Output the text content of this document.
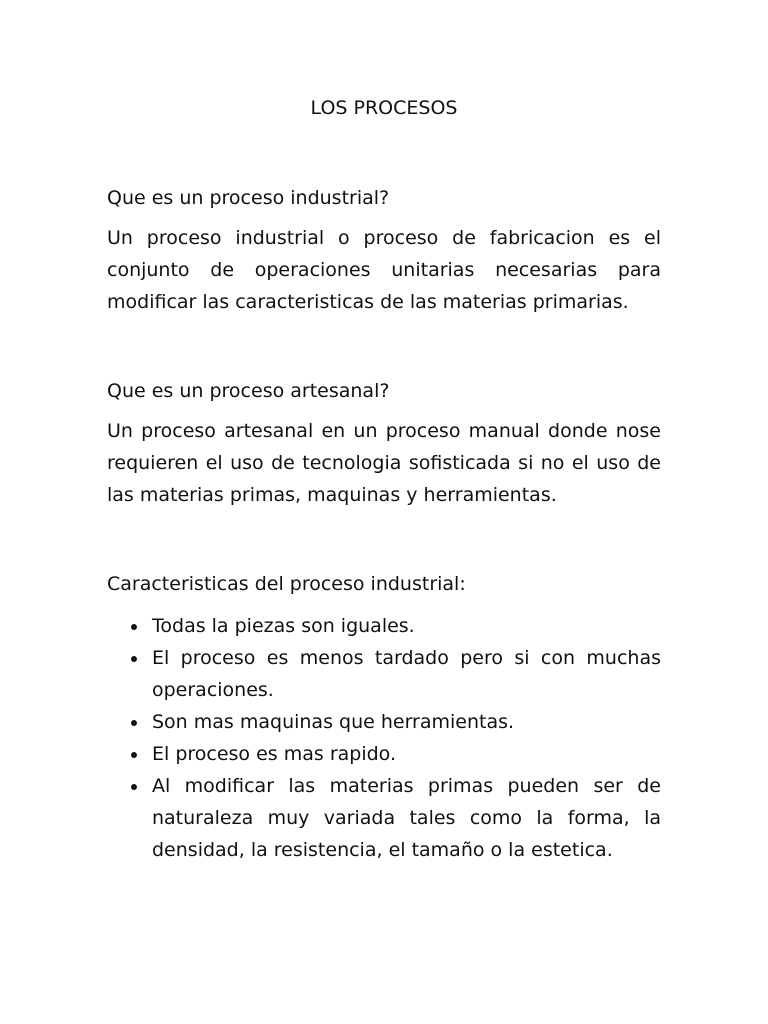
LOS PROCESOS

Que es un proceso industrial?

Un proceso industrial o proceso de fabricacion es el conjunto de operaciones unitarias necesarias para modificar las caracteristicas de las materias primarias.

Que es un proceso artesanal?

Un proceso artesanal en un proceso manual donde nose requieren el uso de tecnologia sofisticada si no el uso de las materias primas, maquinas y herramientas.

Caracteristicas del proceso industrial:

Todas la piezas son iguales.
El proceso es menos tardado pero si con muchas operaciones.
Son mas maquinas que herramientas.
El proceso es mas rapido.
Al modificar las materias primas pueden ser de naturaleza muy variada tales como la forma, la densidad, la resistencia, el tamaño o la estetica.
